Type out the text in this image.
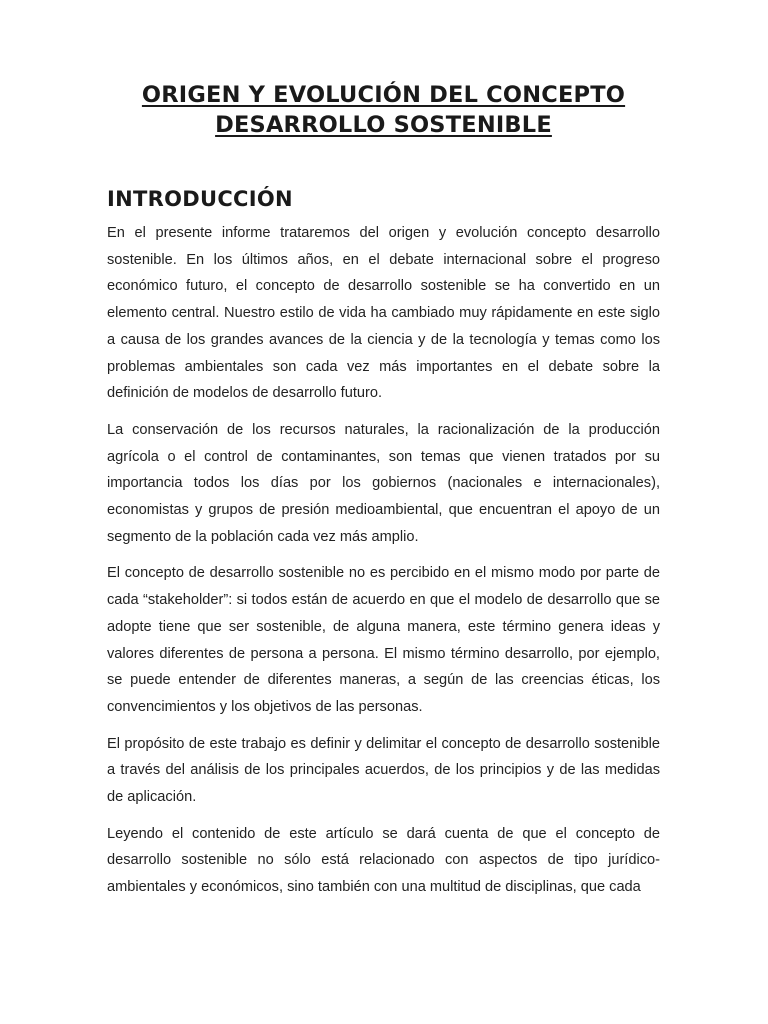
ORIGEN Y EVOLUCIÓN DEL CONCEPTO
DESARROLLO SOSTENIBLE
INTRODUCCIÓN

En el presente informe trataremos del origen y evolución concepto desarrollo sostenible. En los últimos años, en el debate internacional sobre el progreso económico futuro, el concepto de desarrollo sostenible se ha convertido en un elemento central. Nuestro estilo de vida ha cambiado muy rápidamente en este siglo a causa de los grandes avances de la ciencia y de la tecnología y temas como los problemas ambientales son cada vez más importantes en el debate sobre la definición de modelos de desarrollo futuro.

La conservación de los recursos naturales, la racionalización de la producción agrícola o el control de contaminantes, son temas que vienen tratados por su importancia todos los días por los gobiernos (nacionales e internacionales), economistas y grupos de presión medioambiental, que encuentran el apoyo de un segmento de la población cada vez más amplio.

El concepto de desarrollo sostenible no es percibido en el mismo modo por parte de cada “stakeholder”: si todos están de acuerdo en que el modelo de desarrollo que se adopte tiene que ser sostenible, de alguna manera, este término genera ideas y valores diferentes de persona a persona. El mismo término desarrollo, por ejemplo, se puede entender de diferentes maneras, a según de las creencias éticas, los convencimientos y los objetivos de las personas.

El propósito de este trabajo es definir y delimitar el concepto de desarrollo sostenible a través del análisis de los principales acuerdos, de los principios y de las medidas de aplicación.

Leyendo el contenido de este artículo se dará cuenta de que el concepto de desarrollo sostenible no sólo está relacionado con aspectos de tipo jurídico-ambientales y económicos, sino también con una multitud de disciplinas, que cada
